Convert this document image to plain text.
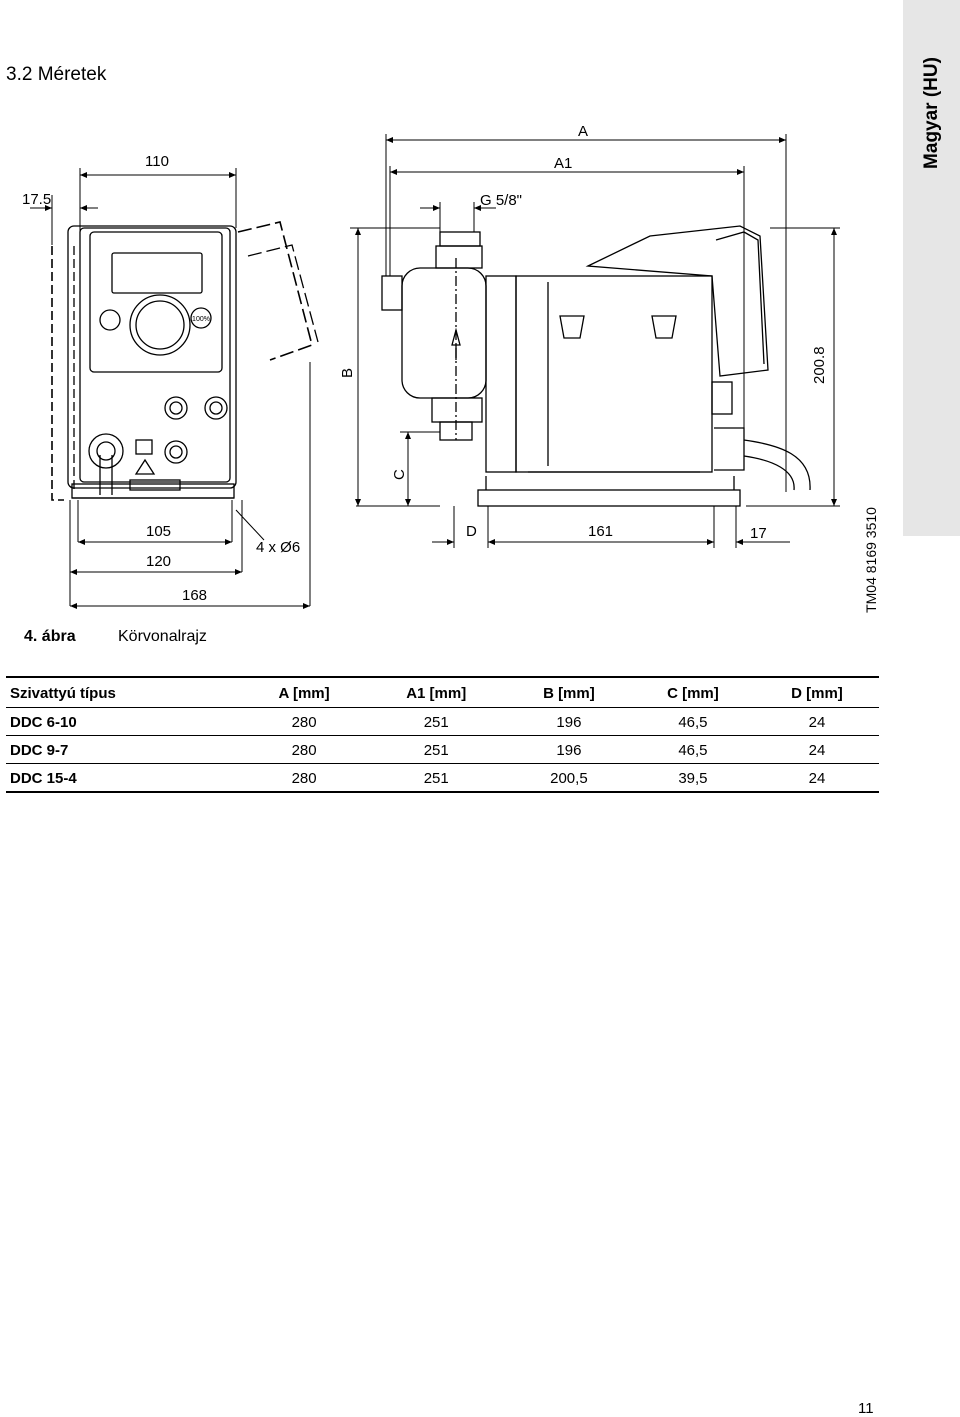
Magyar (HU)
3.2 Méretek
100%
17.5
110
105
120
168
4 x Ø6
A
A1
G 5/8"
B
C
200.8
D	161	17	TM04 8169 3510
4. ábra	Körvonalrajz
Szivattyú típus	A [mm]	A1 [mm]	B [mm]	C [mm]	D [mm]
DDC 6-10	280	251	196	46,5	24
DDC 9-7	280	251	196	46,5	24
DDC 15-4	280	251	200,5	39,5	24
11
